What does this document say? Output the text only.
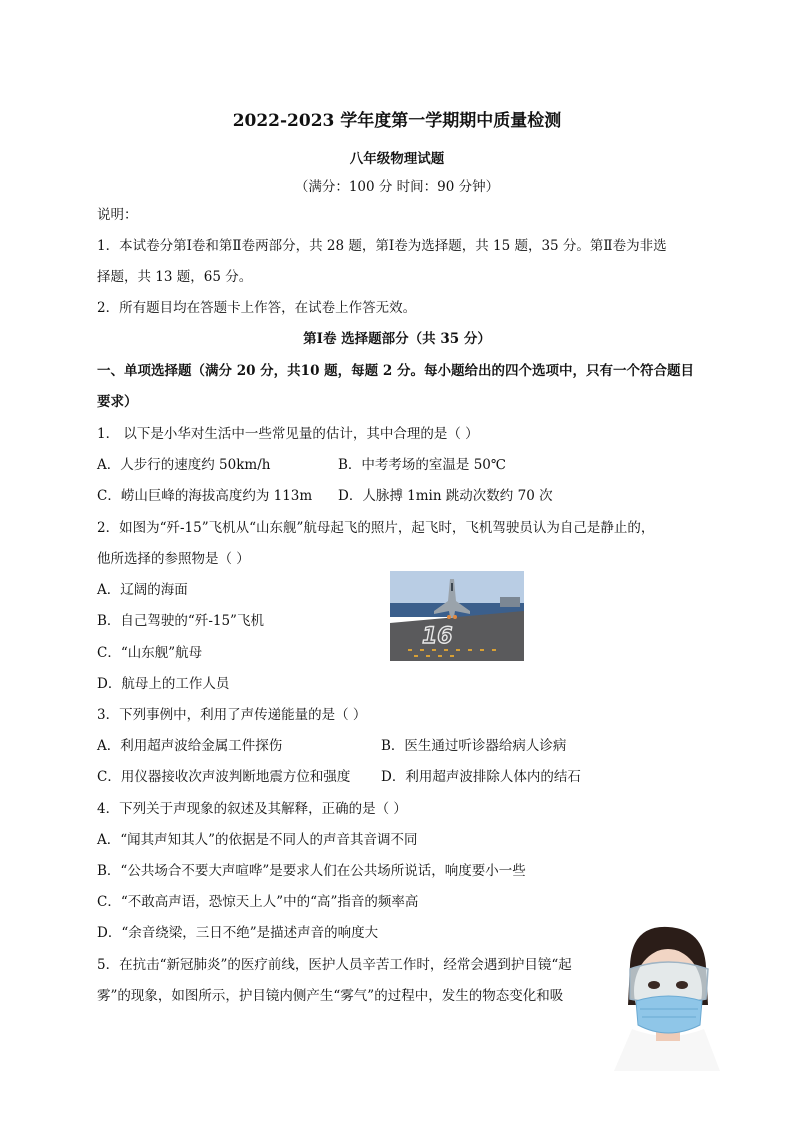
2022-2023 学年度第一学期期中质量检测
八年级物理试题
（满分：100 分 时间：90 分钟）
说明：
1．本试卷分第Ⅰ卷和第Ⅱ卷两部分，共 28 题，第Ⅰ卷为选择题，共 15 题，35 分。第Ⅱ卷为非选
择题，共 13 题，65 分。
2．所有题目均在答题卡上作答，在试卷上作答无效。
第Ⅰ卷 选择题部分（共 35 分）
一、单项选择题（满分 20 分，共10 题，每题 2 分。每小题给出的四个选项中，只有一个符合题目
要求）
1． 以下是小华对生活中一些常见量的估计，其中合理的是（ ）
A．人步行的速度约 50km/h	B．中考考场的室温是 50℃
C．崂山巨峰的海拔高度约为 113m D．人脉搏 1min 跳动次数约 70 次
2．如图为“歼-15”飞机从“山东舰”航母起飞的照片，起飞时，飞机驾驶员认为自己是静止的，
他所选择的参照物是（ ）
A．辽阔的海面
B．自己驾驶的“歼-15”飞机
C．“山东舰”航母
D．航母上的工作人员
16
3．下列事例中，利用了声传递能量的是（ ）
A．利用超声波给金属工件探伤	B．医生通过听诊器给病人诊病
C．用仪器接收次声波判断地震方位和强度 D．利用超声波排除人体内的结石
4．下列关于声现象的叙述及其解释，正确的是（ ）
A．“闻其声知其人”的依据是不同人的声音其音调不同
B．“公共场合不要大声喧哗”是要求人们在公共场所说话，响度要小一些
C．“不敢高声语，恐惊天上人”中的“高”指音的频率高
D．“余音绕梁，三日不绝”是描述声音的响度大
5．在抗击“新冠肺炎”的医疗前线，医护人员辛苦工作时，经常会遇到护目镜“起
雾”的现象，如图所示，护目镜内侧产生“雾气”的过程中，发生的物态变化和吸
